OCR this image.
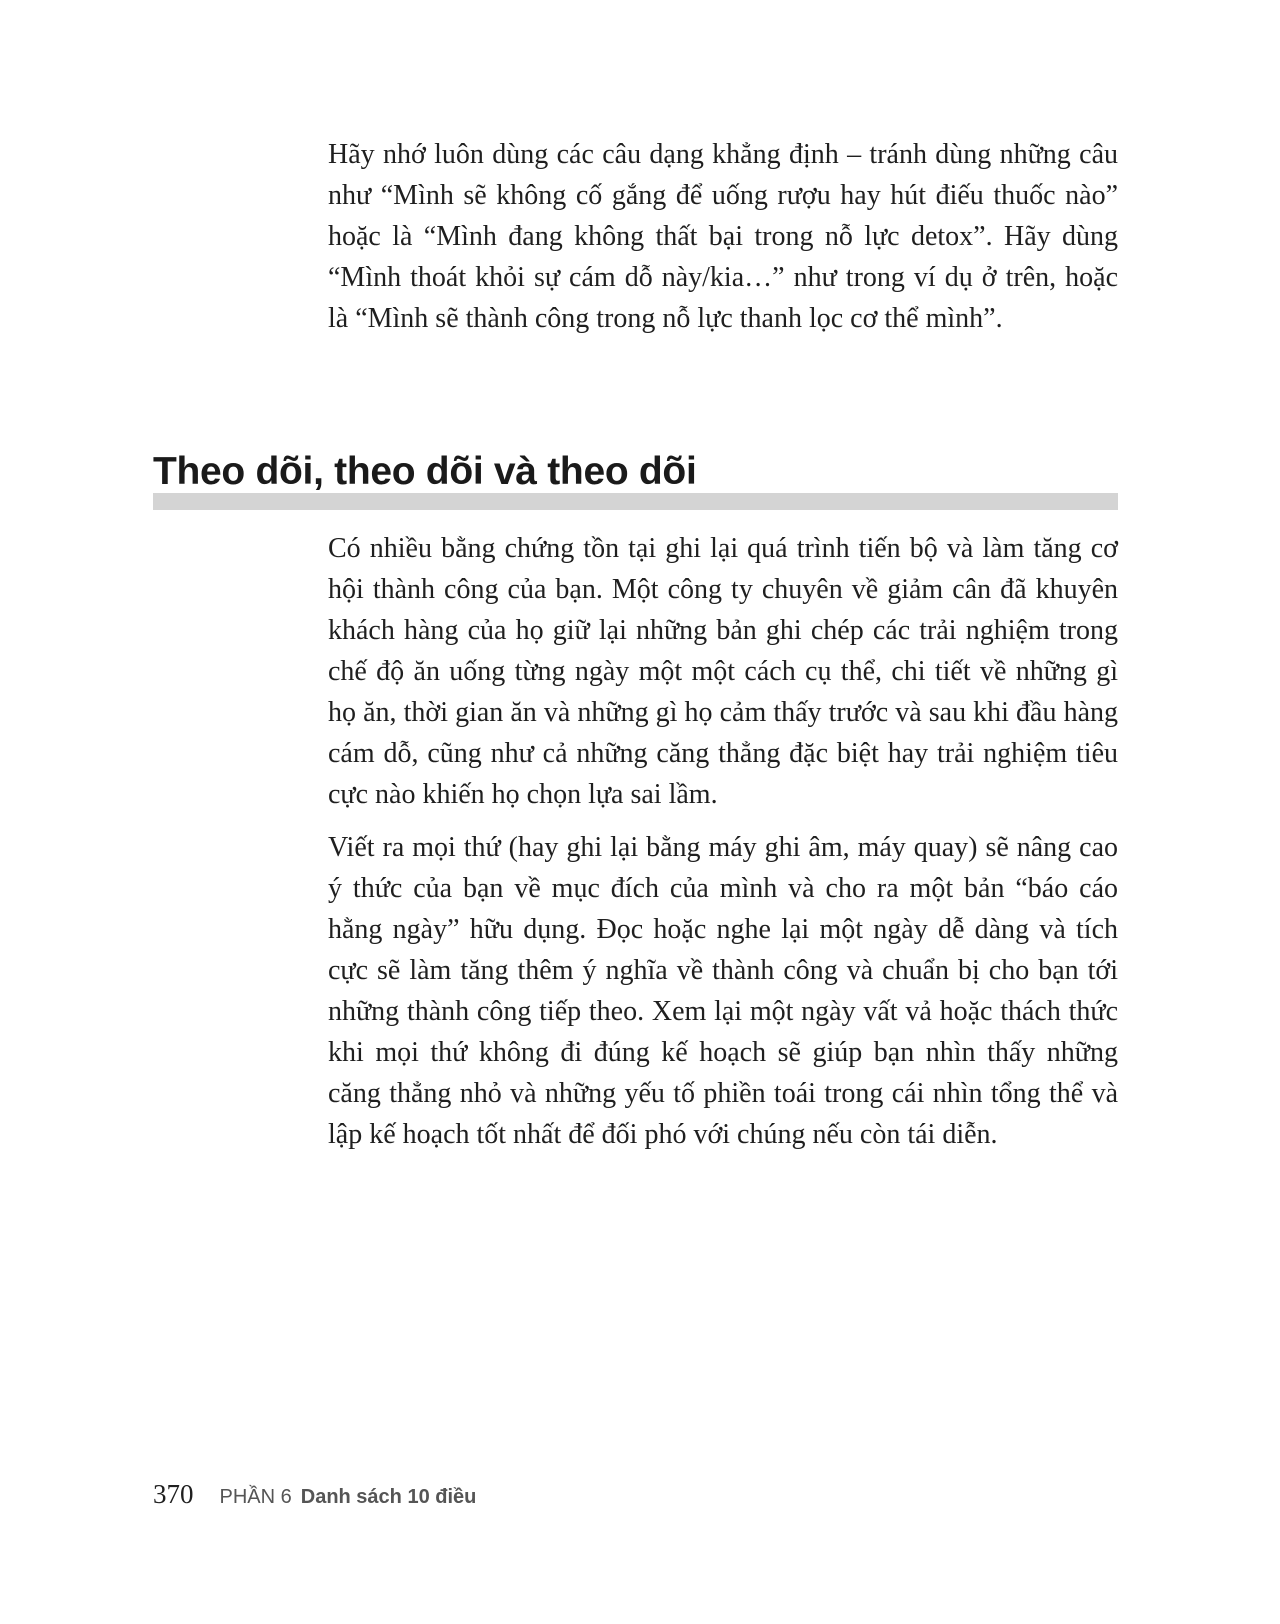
Hãy nhớ luôn dùng các câu dạng khẳng định – tránh dùng những câu như “Mình sẽ không cố gắng để uống rượu hay hút điếu thuốc nào” hoặc là “Mình đang không thất bại trong nỗ lực detox”. Hãy dùng “Mình thoát khỏi sự cám dỗ này/kia…” như trong ví dụ ở trên, hoặc là “Mình sẽ thành công trong nỗ lực thanh lọc cơ thể mình”.

Theo dõi, theo dõi và theo dõi

Có nhiều bằng chứng tồn tại ghi lại quá trình tiến bộ và làm tăng cơ hội thành công của bạn. Một công ty chuyên về giảm cân đã khuyên khách hàng của họ giữ lại những bản ghi chép các trải nghiệm trong chế độ ăn uống từng ngày một một cách cụ thể, chi tiết về những gì họ ăn, thời gian ăn và những gì họ cảm thấy trước và sau khi đầu hàng cám dỗ, cũng như cả những căng thẳng đặc biệt hay trải nghiệm tiêu cực nào khiến họ chọn lựa sai lầm.

Viết ra mọi thứ (hay ghi lại bằng máy ghi âm, máy quay) sẽ nâng cao ý thức của bạn về mục đích của mình và cho ra một bản “báo cáo hằng ngày” hữu dụng. Đọc hoặc nghe lại một ngày dễ dàng và tích cực sẽ làm tăng thêm ý nghĩa về thành công và chuẩn bị cho bạn tới những thành công tiếp theo. Xem lại một ngày vất vả hoặc thách thức khi mọi thứ không đi đúng kế hoạch sẽ giúp bạn nhìn thấy những căng thẳng nhỏ và những yếu tố phiền toái trong cái nhìn tổng thể và lập kế hoạch tốt nhất để đối phó với chúng nếu còn tái diễn.

370 PHẦN 6 Danh sách 10 điều
